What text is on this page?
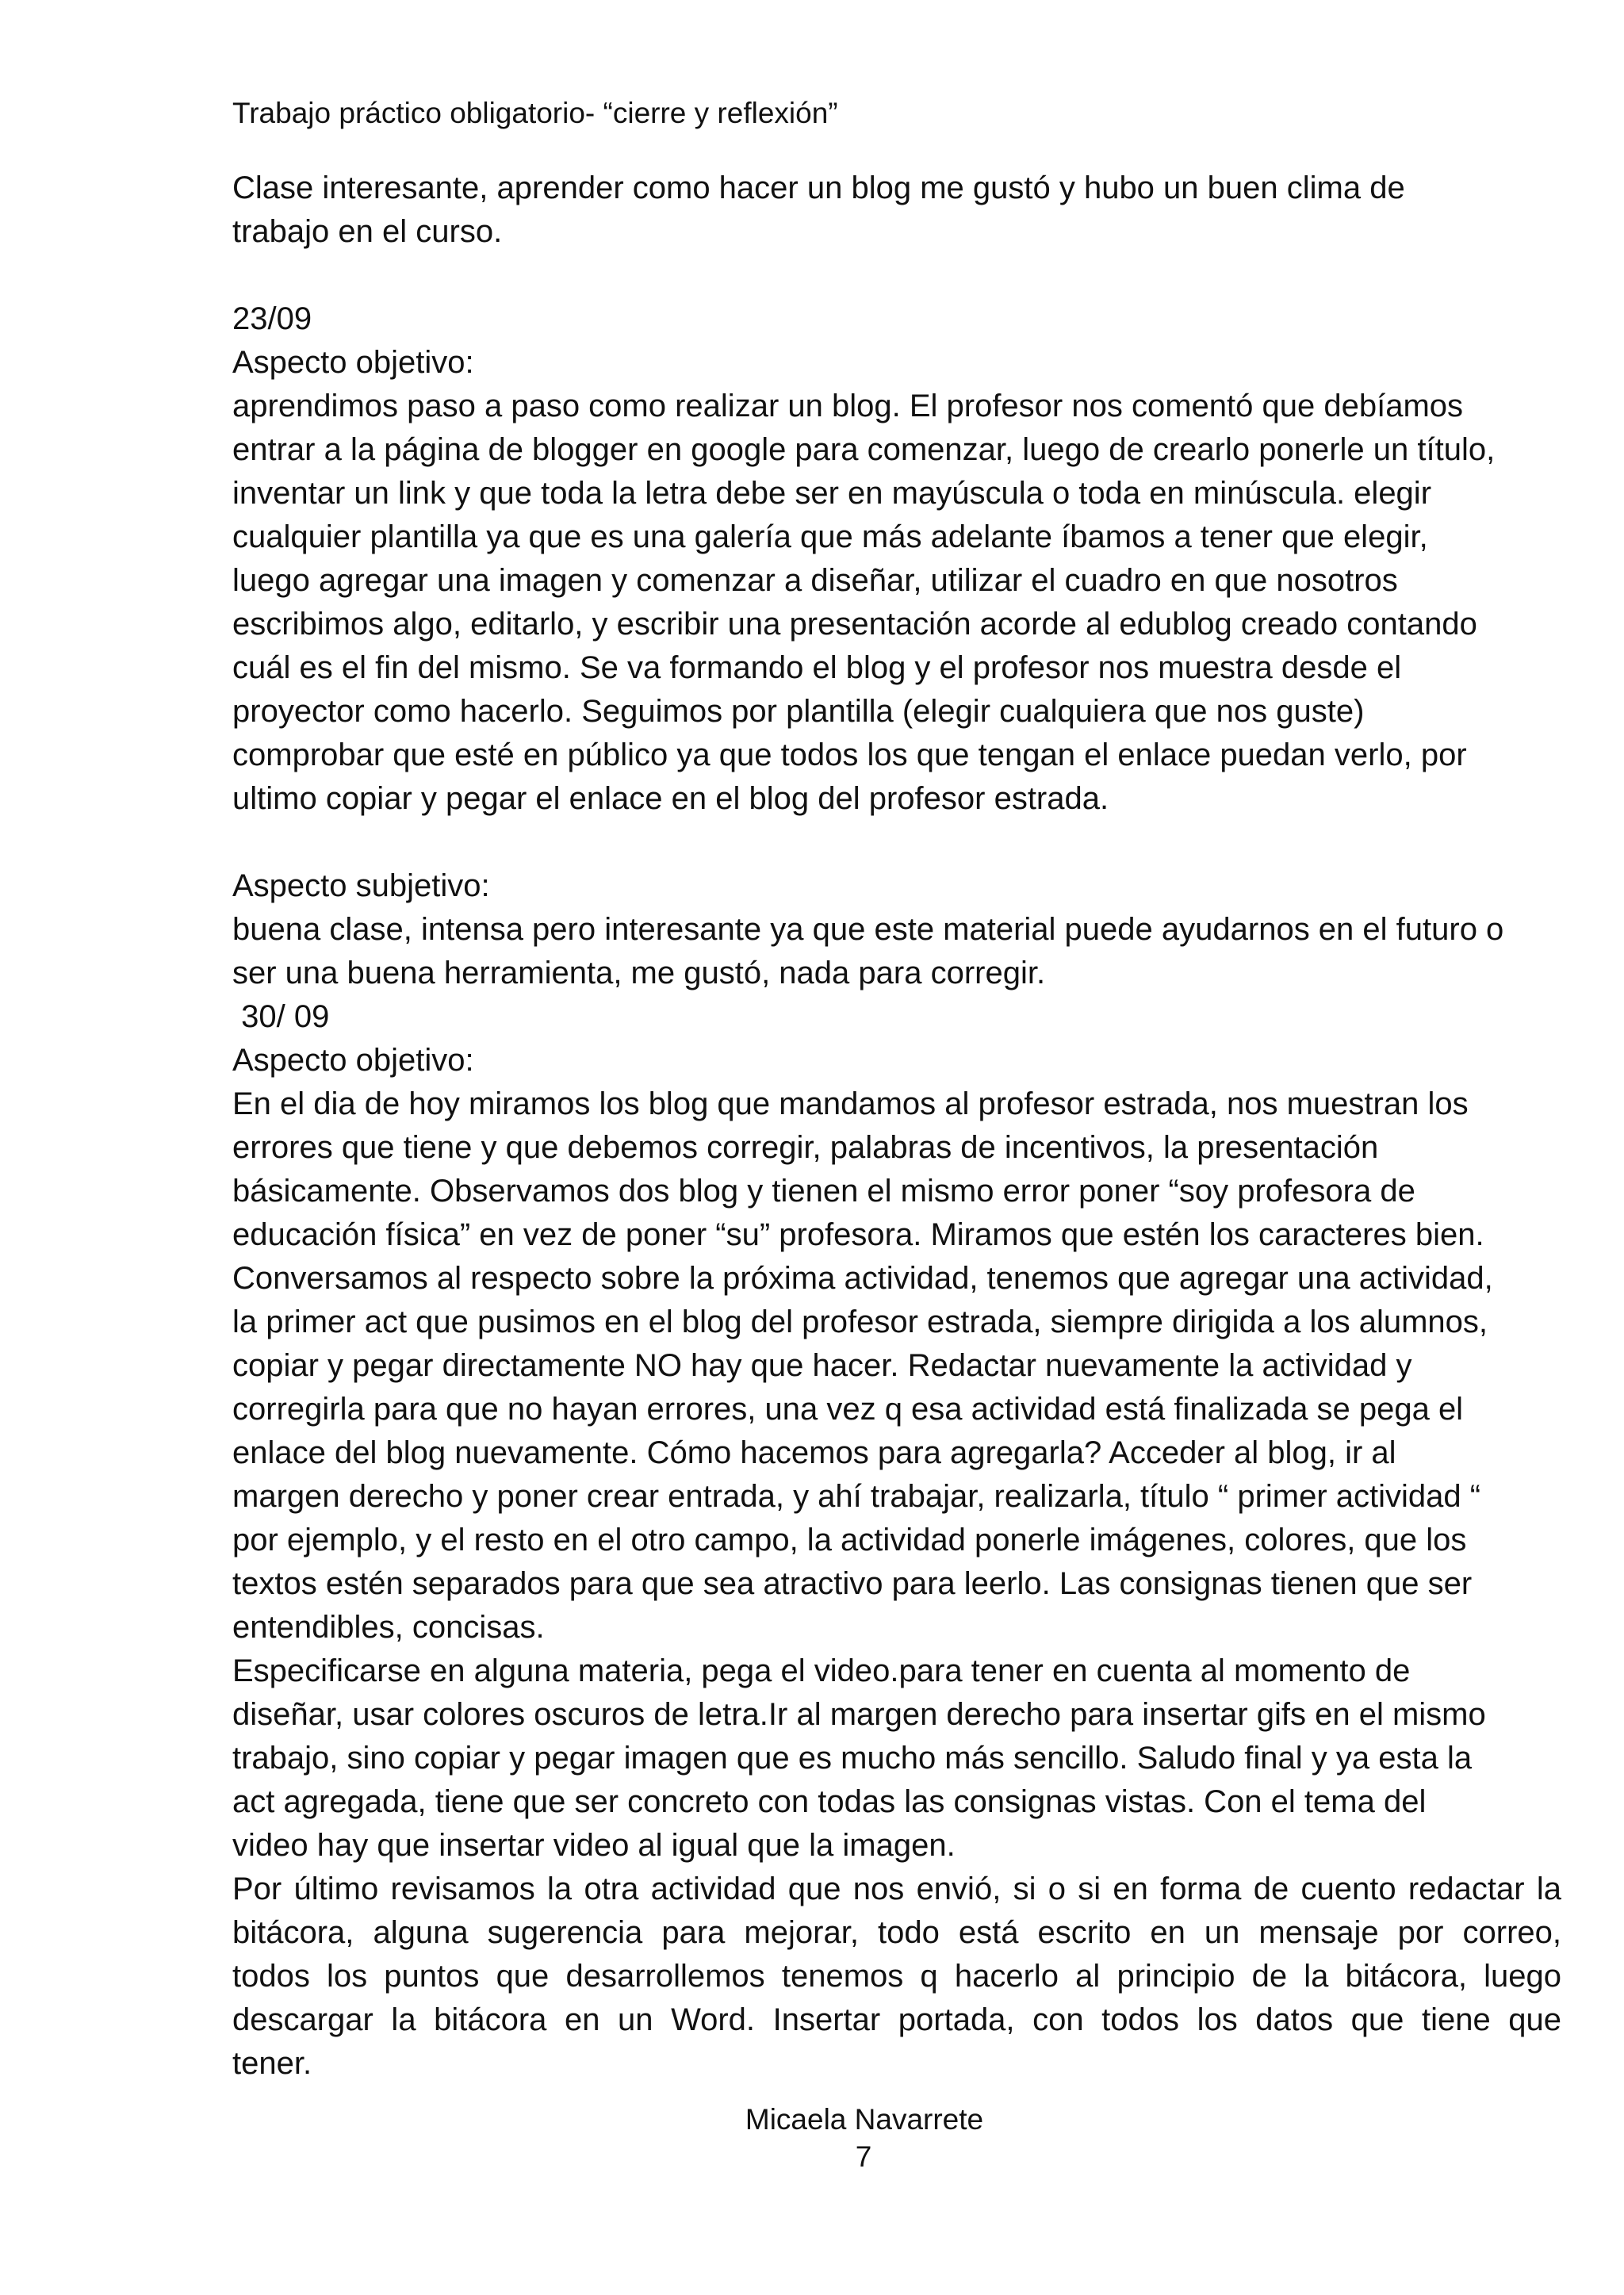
Trabajo práctico obligatorio- “cierre y reflexión”
Clase interesante, aprender como hacer un blog me gustó y hubo un buen clima de
trabajo en el curso.
23/09
Aspecto objetivo:
aprendimos paso a paso como realizar un blog. El profesor nos comentó que debíamos
entrar a la página de blogger en google para comenzar, luego de crearlo ponerle un título,
inventar un link y que toda la letra debe ser en mayúscula o toda en minúscula. elegir
cualquier plantilla ya que es una galería que más adelante íbamos a tener que elegir,
luego agregar una imagen y comenzar a diseñar, utilizar el cuadro en que nosotros
escribimos algo, editarlo, y escribir una presentación acorde al edublog creado contando
cuál es el fin del mismo. Se va formando el blog y el profesor nos muestra desde el
proyector como hacerlo. Seguimos por plantilla (elegir cualquiera que nos guste)
comprobar que esté en público ya que todos los que tengan el enlace puedan verlo, por
ultimo copiar y pegar el enlace en el blog del profesor estrada.
Aspecto subjetivo:
buena clase, intensa pero interesante ya que este material puede ayudarnos en el futuro o
ser una buena herramienta, me gustó, nada para corregir.
30/ 09
Aspecto objetivo:
En el dia de hoy miramos los blog que mandamos al profesor estrada, nos muestran los
errores que tiene y que debemos corregir, palabras de incentivos, la presentación
básicamente. Observamos dos blog y tienen el mismo error poner “soy profesora de
educación física” en vez de poner “su” profesora. Miramos que estén los caracteres bien.
Conversamos al respecto sobre la próxima actividad, tenemos que agregar una actividad,
la primer act que pusimos en el blog del profesor estrada, siempre dirigida a los alumnos,
copiar y pegar directamente NO hay que hacer. Redactar nuevamente la actividad y
corregirla para que no hayan errores, una vez q esa actividad está finalizada se pega el
enlace del blog nuevamente. Cómo hacemos para agregarla? Acceder al blog, ir al
margen derecho y poner crear entrada, y ahí trabajar, realizarla, título “ primer actividad “
por ejemplo, y el resto en el otro campo, la actividad ponerle imágenes, colores, que los
textos estén separados para que sea atractivo para leerlo. Las consignas tienen que ser
entendibles, concisas.
Especificarse en alguna materia, pega el video.para tener en cuenta al momento de
diseñar, usar colores oscuros de letra.Ir al margen derecho para insertar gifs en el mismo
trabajo, sino copiar y pegar imagen que es mucho más sencillo. Saludo final y ya esta la
act agregada, tiene que ser concreto con todas las consignas vistas. Con el tema del
video hay que insertar video al igual que la imagen.
Por último revisamos la otra actividad que nos envió, si o si en forma de cuento redactar la
bitácora, alguna sugerencia para mejorar, todo está escrito en un mensaje por correo,
todos los puntos que desarrollemos tenemos q hacerlo al principio de la bitácora, luego
descargar la bitácora en un Word. Insertar portada, con todos los datos que tiene que
tener.
Micaela Navarrete
7
